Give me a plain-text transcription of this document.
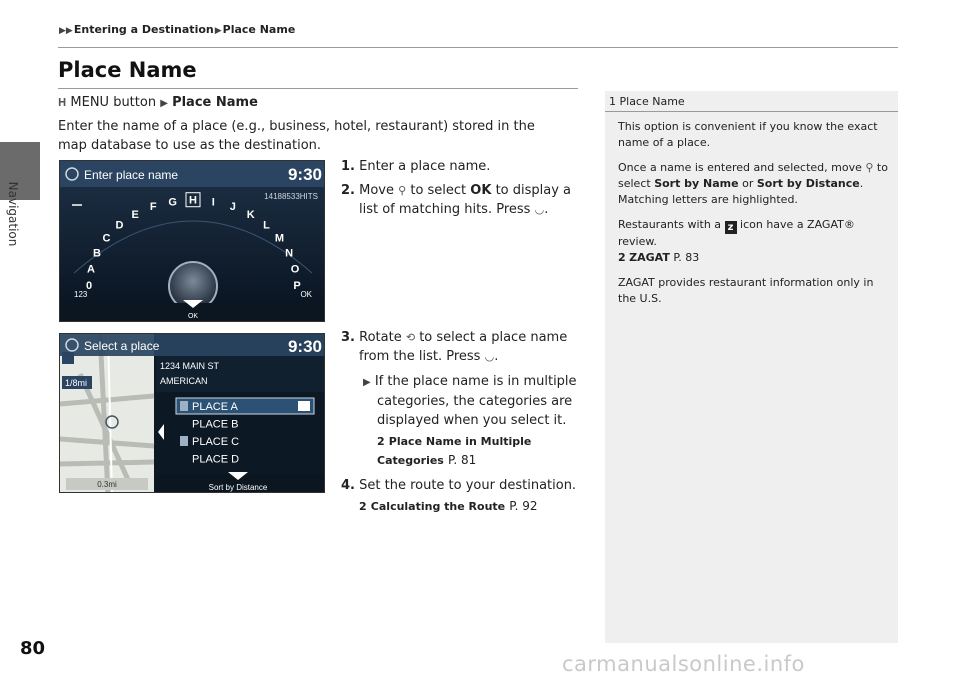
Navigation
▶▶Entering a Destination▶Place Name
Place Name
𝐇 MENU button ▶ Place Name
Enter the name of a place (e.g., business, hotel, restaurant) stored in the map database to use as the destination.
Enter place name	9:30
14188533HITS
0
A
B
C
D
E
F G H I J
K
L
M
N
O
P
123	OK
OK
1/8mi
0.3mi
Select a place	9:30
1234 MAIN ST
AMERICAN
PLACE A
PLACE B
PLACE C
PLACE D
Sort by Distance
1. Enter a place name.
2. Move ⚲ to select OK to display a list of matching hits. Press ◡.
3. Rotate ⟲ to select a place name from the list. Press ◡.
▶ If the place name is in multiple categories, the categories are displayed when you select it.
2 Place Name in Multiple Categories P. 81
4. Set the route to your destination.
2 Calculating the Route P. 92
1 Place Name

This option is convenient if you know the exact name of a place.

Once a name is entered and selected, move ⚲ to select Sort by Name or Sort by Distance. Matching letters are highlighted.

Restaurants with a z icon have a ZAGAT® review.
2 ZAGAT P. 83

ZAGAT provides restaurant information only in the U.S.

80
carmanualsonline.info
